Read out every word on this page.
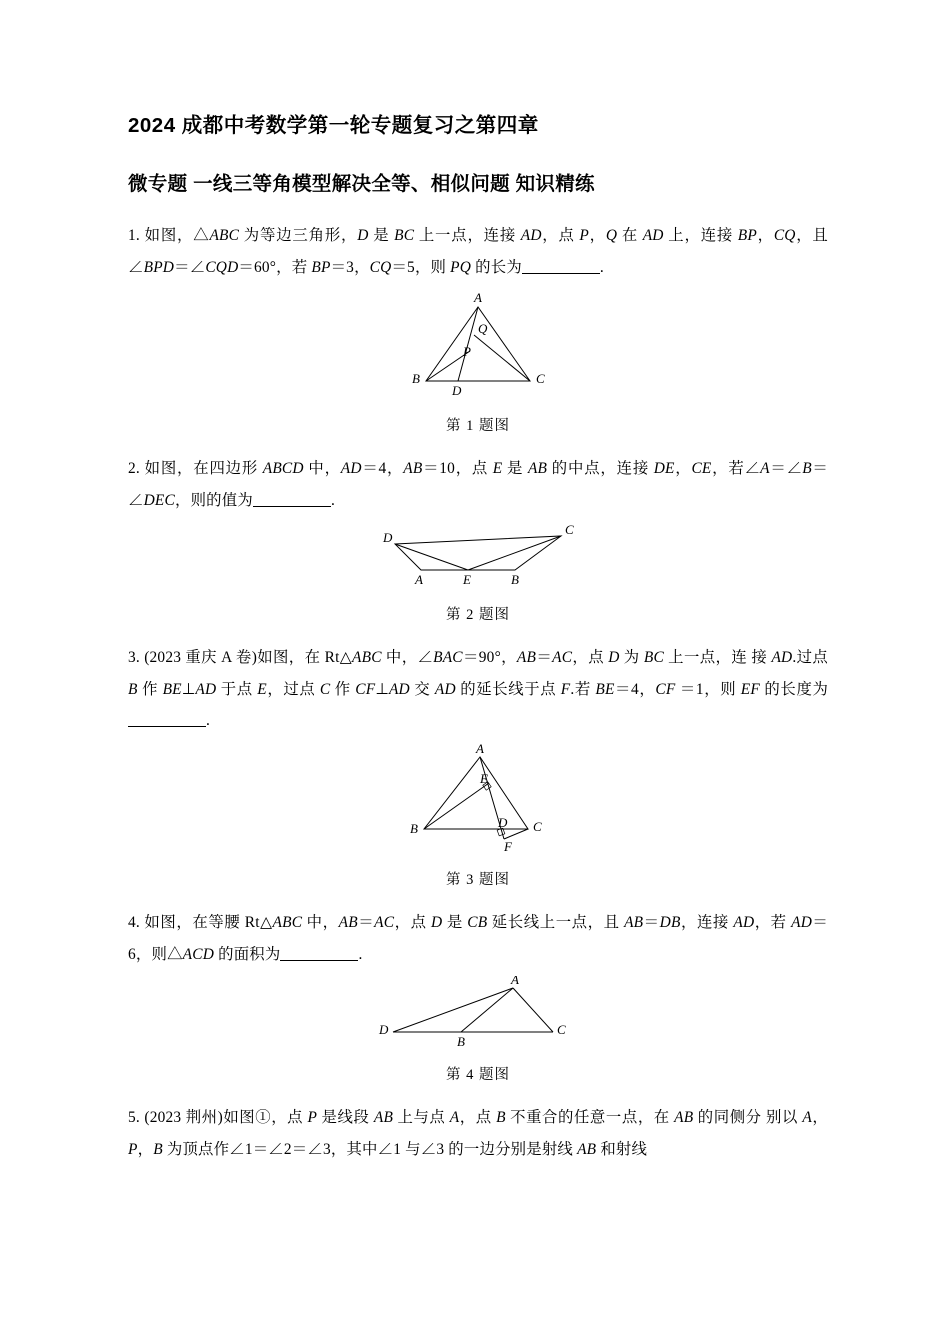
2024 成都中考数学第一轮专题复习之第四章
微专题 一线三等角模型解决全等、相似问题 知识精练
1. 如图，△ABC 为等边三角形，D 是 BC 上一点，连接 AD，点 P，Q 在 AD 上，连接 BP，CQ，且∠BPD＝∠CQD＝60°，若 BP＝3，CQ＝5，则 PQ 的长为	.
A
Q
P
B
D
C
第 1 题图
2. 如图，在四边形 ABCD 中，AD＝4，AB＝10，点 E 是 AB 的中点，连接 DE，CE，若∠A＝∠B＝∠DEC，则的值为	.
D
C
A	E	B
第 2 题图
3. (2023 重庆 A 卷)如图，在 Rt△ABC 中，∠BAC＝90°，AB＝AC，点 D 为 BC 上一点，连 接 AD.过点 B 作 BE⊥AD 于点 E，过点 C 作 CF⊥AD 交 AD 的延长线于点 F.若 BE＝4，CF ＝1，则 EF 的长度为.
A
E
B	D C
F
第 3 题图
4. 如图，在等腰 Rt△ABC 中，AB＝AC，点 D 是 CB 延长线上一点，且 AB＝DB，连接 AD，若 AD＝6，则△ACD 的面积为	.
A
D
B
C
第 4 题图
5. (2023 荆州)如图①，点 P 是线段 AB 上与点 A，点 B 不重合的任意一点，在 AB 的同侧分 别以 A，P，B 为顶点作∠1＝∠2＝∠3，其中∠1 与∠3 的一边分别是射线 AB 和射线
